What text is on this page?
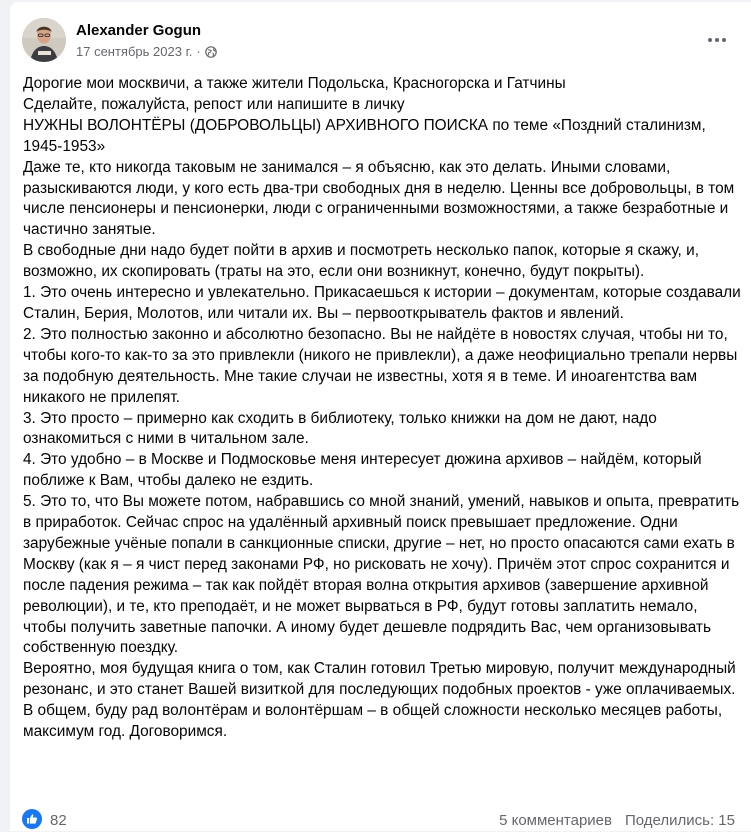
Alexander Gogun
17 сентябрь 2023 г. ·

Дорогие мои москвичи, а также жители Подольска, Красногорска и Гатчины

Сделайте, пожалуйста, репост или напишите в личку

НУЖНЫ ВОЛОНТЁРЫ (ДОБРОВОЛЬЦЫ) АРХИВНОГО ПОИСКА по теме «Поздний сталинизм, 1945-1953»

Даже те, кто никогда таковым не занимался – я объясню, как это делать. Иными словами, разыскиваются люди, у кого есть два-три свободных дня в неделю. Ценны все добровольцы, в том числе пенсионеры и пенсионерки, люди с ограниченными возможностями, а также безработные и частично занятые.

В свободные дни надо будет пойти в архив и посмотреть несколько папок, которые я скажу, и, возможно, их скопировать (траты на это, если они возникнут, конечно, будут покрыты).

1. Это очень интересно и увлекательно. Прикасаешься к истории – документам, которые создавали Сталин, Берия, Молотов, или читали их. Вы – первооткрыватель фактов и явлений.

2. Это полностью законно и абсолютно безопасно. Вы не найдёте в новостях случая, чтобы ни то, чтобы кого-то как-то за это привлекли (никого не привлекли), а даже неофициально трепали нервы за подобную деятельность. Мне такие случаи не известны, хотя я в теме. И иноагентства вам никакого не прилепят.

3. Это просто – примерно как сходить в библиотеку, только книжки на дом не дают, надо ознакомиться с ними в читальном зале.

4. Это удобно – в Москве и Подмосковье меня интересует дюжина архивов – найдём, который поближе к Вам, чтобы далеко не ездить.

5. Это то, что Вы можете потом, набравшись со мной знаний, умений, навыков и опыта, превратить в приработок. Сейчас спрос на удалённый архивный поиск превышает предложение. Одни зарубежные учёные попали в санкционные списки, другие – нет, но просто опасаются сами ехать в Москву (как я – я чист перед законами РФ, но рисковать не хочу). Причём этот спрос сохранится и после падения режима – так как пойдёт вторая волна открытия архивов (завершение архивной революции), и те, кто преподаёт, и не может вырваться в РФ, будут готовы заплатить немало, чтобы получить заветные папочки. А иному будет дешевле подрядить Вас, чем организовывать собственную поездку.

Вероятно, моя будущая книга о том, как Сталин готовил Третью мировую, получит международный резонанс, и это станет Вашей визиткой для последующих подобных проектов - уже оплачиваемых.

В общем, буду рад волонтёрам и волонтёршам – в общей сложности несколько месяцев работы, максимум год. Договоримся.

82	5 комментариев Поделились: 15
